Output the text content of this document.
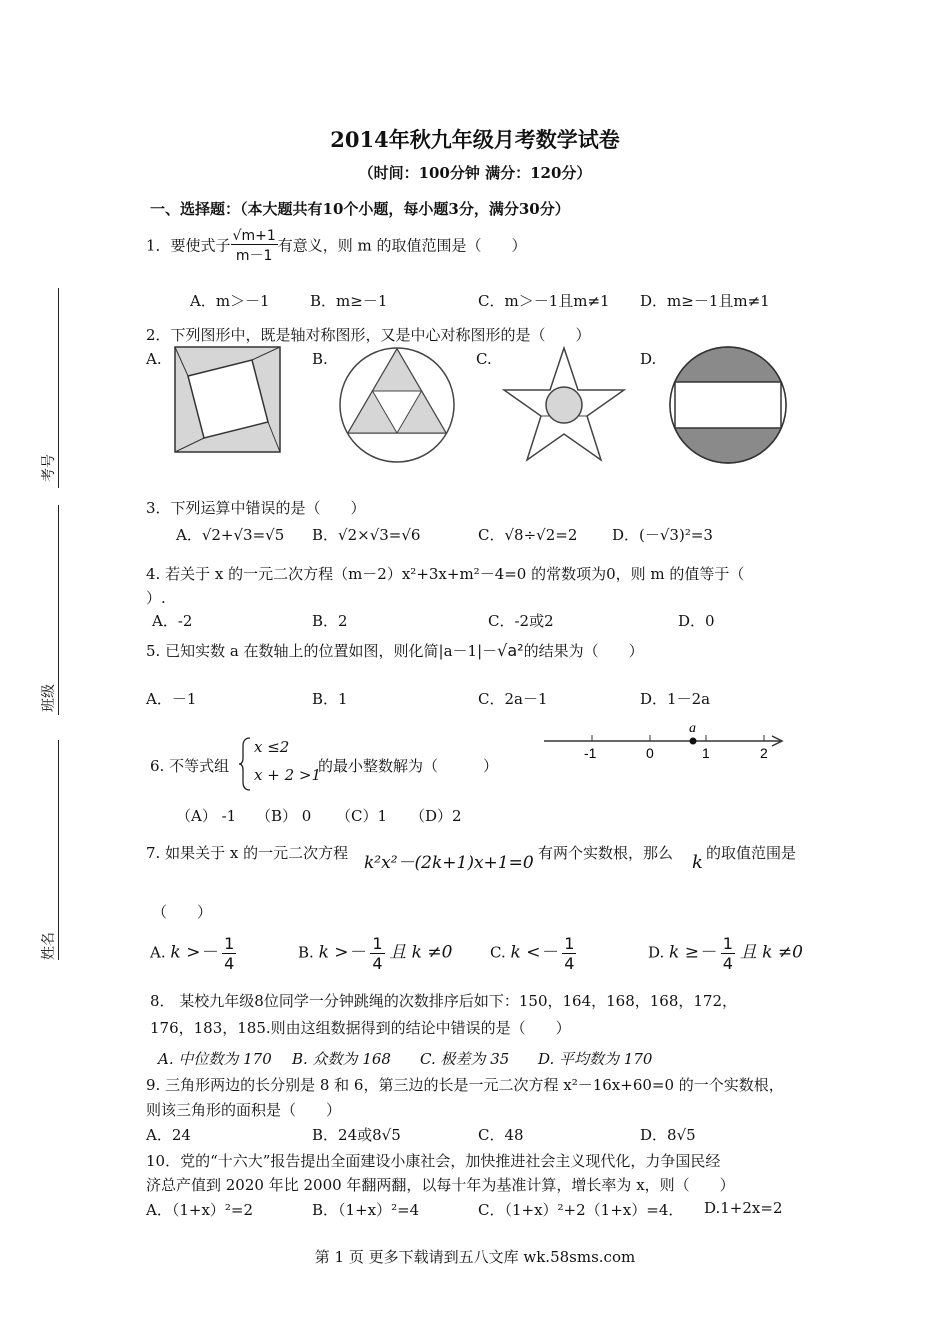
2014年秋九年级月考数学试卷
（时间：100分钟 满分：120分）
一、选择题：（本大题共有10个小题，每小题3分，满分30分）
考号
班级
姓名
1．要使式子 $\frac{√m+1}{m-1}$ 有意义，则 m 的取值范围是（　　）
A．m＞－1	B．m≥－1	C．m＞－1且m≠1 D．m≥－1且m≠1
2．下列图形中，既是轴对称图形，又是中心对称图形的是（　　）
A.	B.	C.	D.
3．下列运算中错误的是（　　）
A．√2+√3=√5 B．√2×√3=√6	C．√8÷√2=2 D．(－√3)²=3
4. 若关于 x 的一元二次方程（m－2）x²+3x+m²－4=0 的常数项为0，则 m 的值等于（
）.
A．-2	B．2	C．-2或2	D．0
5. 已知实数 a 在数轴上的位置如图，则化简|a－1|－√a²的结果为（　　）
A．－1	B．1	C．2a－1	D．1－2a
a
-1	0	1	2
6. 不等式组
x ≤2
x + 2 >1
的最小整数解为（　　　）
（A） -1 （B） 0 （C）1 （D）2
7. 如果关于 x 的一元二次方程 k²x²－(2k+1)x+1=0 有两个实数根，那么 k 的取值范围是
（　　）
A. $k >- \frac{1}{4}$	B. $k >- \frac{1}{4}$ 且 k ≠0	C. $k <- \frac{1}{4}$	D. $k \ge- \frac{1}{4}$ 且 k ≠0
8． 某校九年级8位同学一分钟跳绳的次数排序后如下：150，164，168，168，172，
176，183，185.则由这组数据得到的结论中错误的是（　　）
A. 中位数为 170 B. 众数为 168 C. 极差为 35 D. 平均数为 170
9. 三角形两边的长分别是 8 和 6，第三边的长是一元二次方程 x²－16x+60=0 的一个实数根，
则该三角形的面积是（　　）
A．24	B．24或8√5	C．48	D．8√5
10．党的“十六大”报告提出全面建设小康社会，加快推进社会主义现代化，力争国民经
济总产值到 2020 年比 2000 年翻两翻，以每十年为基准计算，增长率为 x，则（　　）
A．（1+x）²=2	B．（1+x）²=4	C．（1+x）²+2（1+x）=4． D.1+2x=2
第 1 页 更多下载请到五八文库 wk.58sms.com
